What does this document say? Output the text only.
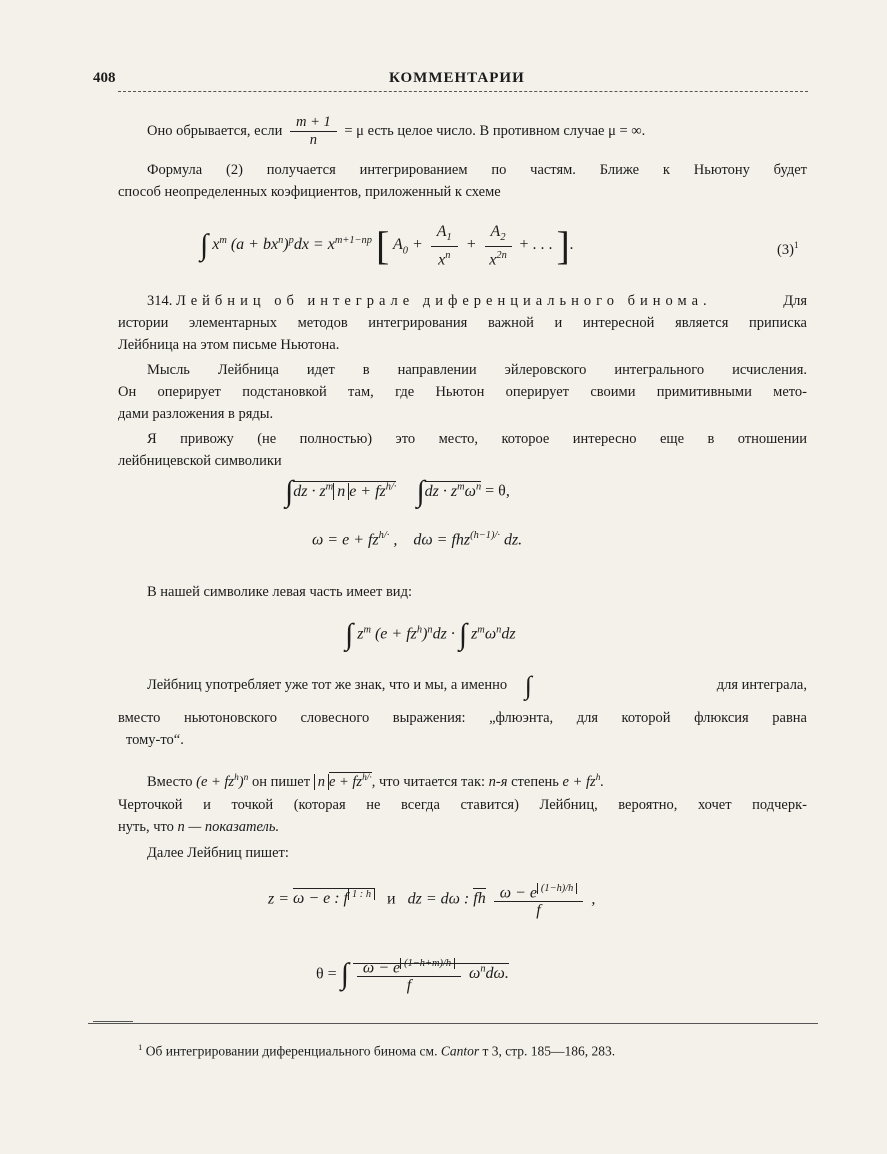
408	КОММЕНТАРИИ
Оно обрывается, если $\frac{m + 1}{n} = \mu$ есть целое число. В противном случае μ = ∞.
Формула (2) получается интегрированием по частям. Ближе к Ньютону будет
способ неопределенных коэфициентов, приложенный к схеме
∫ $x^m$ $(a + bx^n)^pdx = x^{m+1-np}$ [ $A_0 + \frac{A_1}{x^n} + \frac{A_2}{x^{2n}}$ + . . . ].	$(3)^1$
314. Лейбниц об интеграле диференциального бинома.	Для
истории элементарных методов интегрирования важной и интересной является приписка
Лейбница на этом письме Ньютона.
Мысль Лейбница идет в направлении эйлеровского интегрального исчисления.
Он оперирует подстановкой там, где Ньютон оперирует своими примитивными мето-
дами разложения в ряды.
Я привожу (не полностью) это место, которое интересно еще в отношении
лейбницевской символики
$\int dz \cdot z^m$ n $e + fz^{h/\cdot}$ $\int dz \cdot z^m\omega^n = \theta$,
$\omega = e + fz^{h/\cdot}$ ,    dω = fhz$^{(h-1)/\cdot}$ dz.
В нашей символике левая часть имеет вид:
∫ $z^m$ $(e + fz^h)^ndz$ · ∫ $z^m\omega^ndz$
Лейбниц употребляет уже тот же знак, что и мы, а именно ∫	для интеграла,
вместо ньютоновского словесного выражения: „флюэнта, для которой флюксия равна
тому-то“.
Вместо $(e + fz^h)^n$ он пишет n $e + fz^{h/\cdot}$, что читается так: n-я степень $e + fz^h$.
Черточкой и точкой (которая не всегда ставится) Лейбниц, вероятно, хочет подчерк-
нуть, что n — показатель.
Далее Лейбниц пишет:
z = ω − e : f $^{1 : h}$ и   dz = dω : fh $\frac{\omega - e ^{(1-h)/h}}{f}$ ,
θ = ∫ $\frac{\omega - e ^{(1-h+m)/h}}{f} \omega^nd\omega$.
$^1$ Об интегрировании диференциального бинома см. Cantor т 3, стр. 185—186, 283.
